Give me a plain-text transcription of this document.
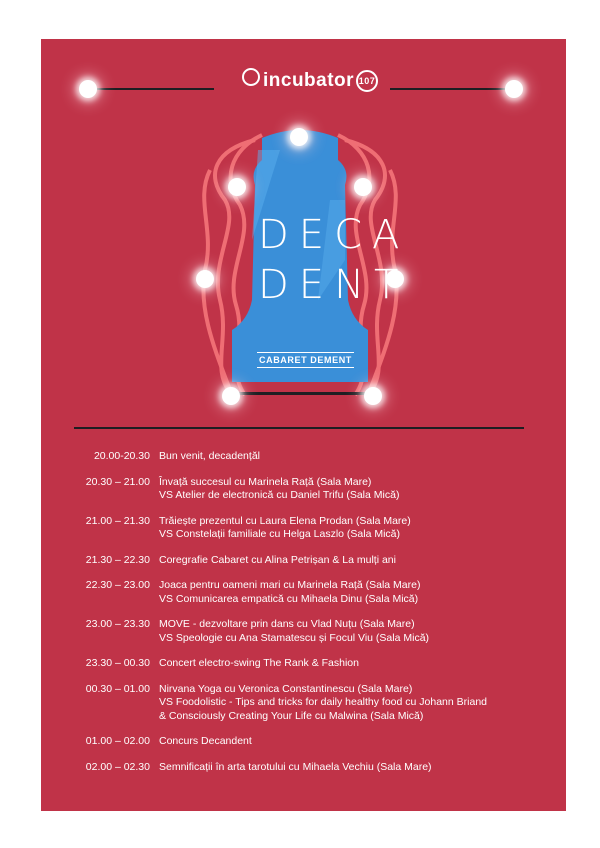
incubator 107
DECA
DENT
CABARET DEMENT
20.00-20.30 Bun venit, decadențăl
20.30 – 21.00 Învață succesul cu Marinela Rață (Sala Mare)
VS Atelier de electronică cu Daniel Trifu (Sala Mică)
21.00 – 21.30 Trăiește prezentul cu Laura Elena Prodan (Sala Mare)
VS Constelații familiale cu Helga Laszlo (Sala Mică)
21.30 – 22.30 Coregrafie Cabaret cu Alina Petrișan & La mulți ani
22.30 – 23.00 Joaca pentru oameni mari cu Marinela Rață (Sala Mare)
VS Comunicarea empatică cu Mihaela Dinu (Sala Mică)
23.00 – 23.30 MOVE - dezvoltare prin dans cu Vlad Nuțu (Sala Mare)
VS Speologie cu Ana Stamatescu și Focul Viu (Sala Mică)
23.30 – 00.30 Concert electro-swing The Rank & Fashion
00.30 – 01.00 Nirvana Yoga cu Veronica Constantinescu (Sala Mare)
VS Foodolistic - Tips and tricks for daily healthy food cu Johann Briand
& Consciously Creating Your Life cu Malwina (Sala Mică)
01.00 – 02.00 Concurs Decandent
02.00 – 02.30 Semnificații în arta tarotului cu Mihaela Vechiu (Sala Mare)
